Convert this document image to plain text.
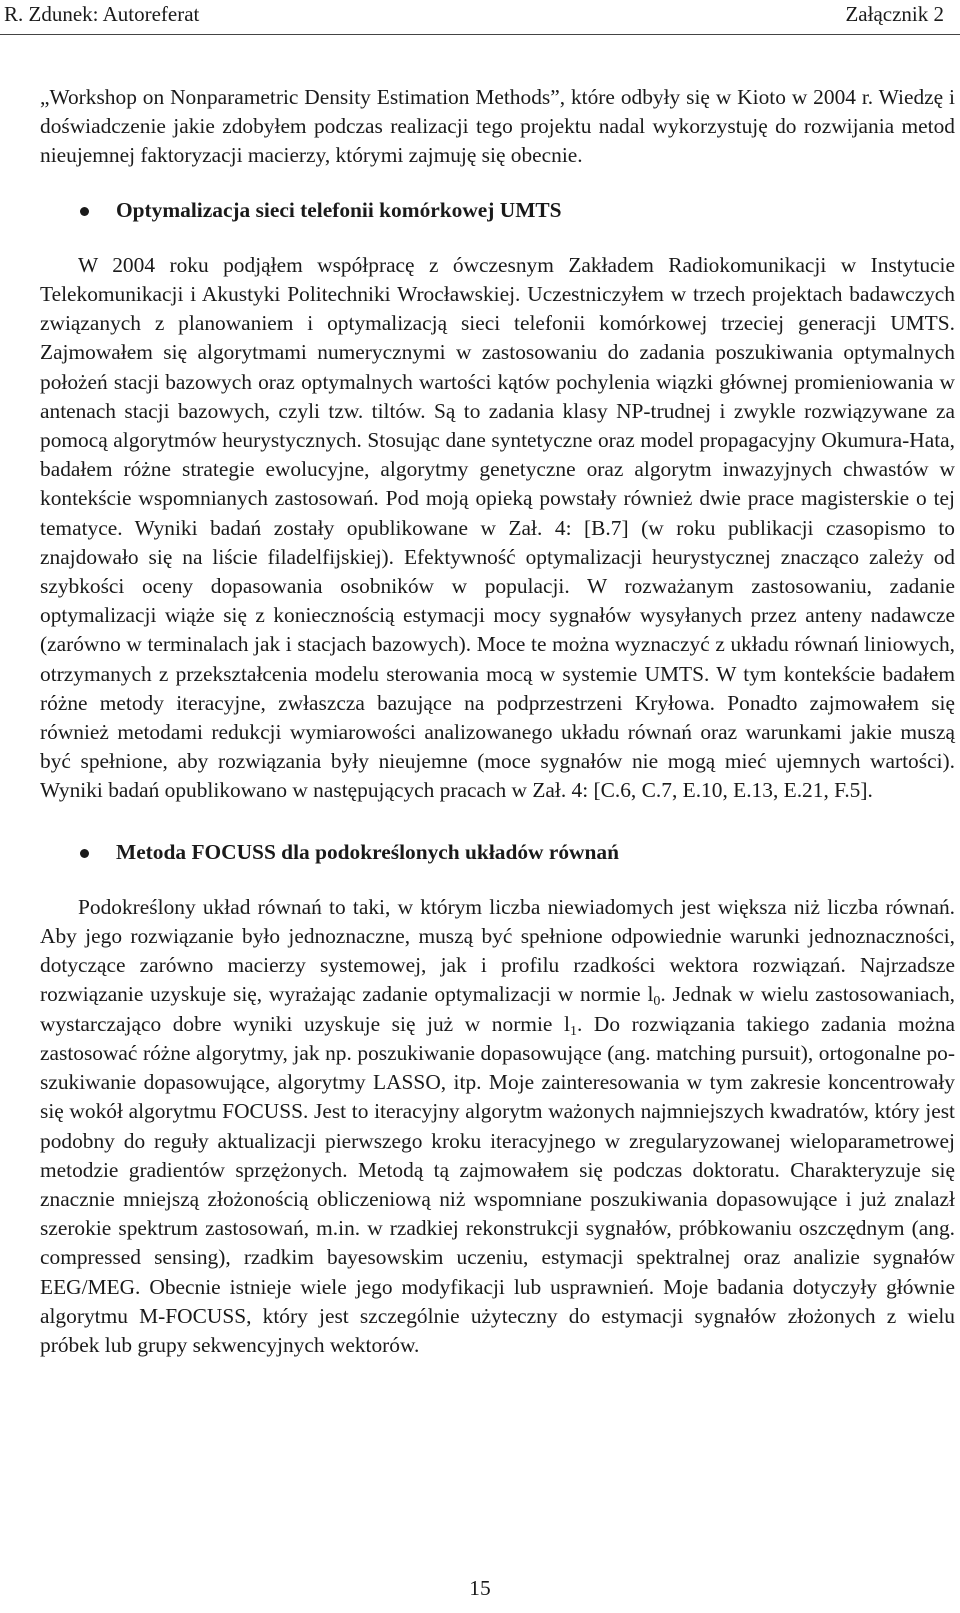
R. Zdunek: Autoreferat	Załącznik 2

„Workshop on Nonparametric Density Estimation Methods”, które odbyły się w Kioto w 2004 r. Wiedzę i doświadczenie jakie zdobyłem podczas realizacji tego projektu nadal wykorzystuję do rozwijania metod nieujemnej faktoryzacji macierzy, którymi zajmuję się obecnie.

Optymalizacja sieci telefonii komórkowej UMTS

W 2004 roku podjąłem współpracę z ówczesnym Zakładem Radiokomunikacji w Instytucie Telekomunikacji i Akustyki Politechniki Wrocławskiej. Uczestniczyłem w trzech projektach badawczych związanych z planowaniem i optymalizacją sieci telefonii komórkowej trzeciej generacji UMTS. Zajmowałem się algorytmami numerycznymi w zastosowaniu do zadania poszukiwania optymalnych położeń stacji bazowych oraz optymalnych wartości kątów pochylenia wiązki głównej promieniowania w antenach stacji bazowych, czyli tzw. tiltów. Są to zadania klasy NP-trudnej i zwykle rozwiązywane za pomocą algorytmów heurystycznych. Stosując dane syntetyczne oraz model propagacyjny Okumura-Hata, badałem różne strategie ewolucyjne, algorytmy genetyczne oraz algorytm inwazyjnych chwastów w kontekście wspomnianych zastosowań. Pod moją opieką powstały również dwie prace magisterskie o tej tematyce. Wyniki badań zostały opublikowane w Zał. 4: [B.7] (w roku publikacji czasopismo to znajdowało się na liście filadelfijskiej). Efektywność optymalizacji heurystycznej znacząco zależy od szybkości oceny dopasowania osobników w populacji. W rozważanym zastosowaniu, zadanie optymalizacji wiąże się z koniecznością estymacji mocy sygnałów wysyłanych przez anteny nadawcze (zarówno w terminalach jak i stacjach bazowych). Moce te można wyznaczyć z układu równań liniowych, otrzymanych z przekształcenia modelu sterowania mocą w systemie UMTS. W tym kontekście badałem różne metody iteracyjne, zwłaszcza bazujące na podprzestrzeni Kryłowa. Ponadto zajmowałem się również metodami redukcji wymiarowości analizowanego układu równań oraz warunkami jakie muszą być spełnione, aby rozwiązania były nieujemne (moce sygnałów nie mogą mieć ujemnych wartości). Wyniki badań opublikowano w następujących pracach w Zał. 4: [C.6, C.7, E.10, E.13, E.21, F.5].

Metoda FOCUSS dla podokreślonych układów równań

Podokreślony układ równań to taki, w którym liczba niewiadomych jest większa niż liczba równań. Aby jego rozwiązanie było jednoznaczne, muszą być spełnione odpowiednie warunki jednoznaczności, dotyczące zarówno macierzy systemowej, jak i profilu rzadkości wektora rozwiązań. Najrzadsze rozwiązanie uzyskuje się, wyrażając zadanie optymalizacji w normie $l_0$. Jednak w wielu zastosowaniach, wystarczająco dobre wyniki uzyskuje się już w normie $l_1$. Do rozwiązania takiego zadania można zastosować różne algorytmy, jak np. poszukiwanie dopasowujące (ang. matching pursuit), ortogonalne poszukiwanie dopasowujące, algorytmy LASSO, itp. Moje zainteresowania w tym zakresie koncentrowały się wokół algorytmu FOCUSS. Jest to iteracyjny algorytm ważonych najmniejszych kwadratów, który jest podobny do reguły aktualizacji pierwszego kroku iteracyjnego w zregularyzowanej wieloparametrowej metodzie gradientów sprzężonych. Metodą tą zajmowałem się podczas doktoratu. Charakteryzuje się znacznie mniejszą złożonością obliczeniową niż wspomniane poszukiwania dopasowujące i już znalazł szerokie spektrum zastosowań, m.in. w rzadkiej rekonstrukcji sygnałów, próbkowaniu oszczędnym (ang. compressed sensing), rzadkim bayesowskim uczeniu, estymacji spektralnej oraz analizie sygnałów EEG/MEG. Obecnie istnieje wiele jego modyfikacji lub usprawnień. Moje badania dotyczyły głównie algorytmu M-FOCUSS, który jest szczególnie użyteczny do estymacji sygnałów złożonych z wielu próbek lub grupy sekwencyjnych wektorów.

15
